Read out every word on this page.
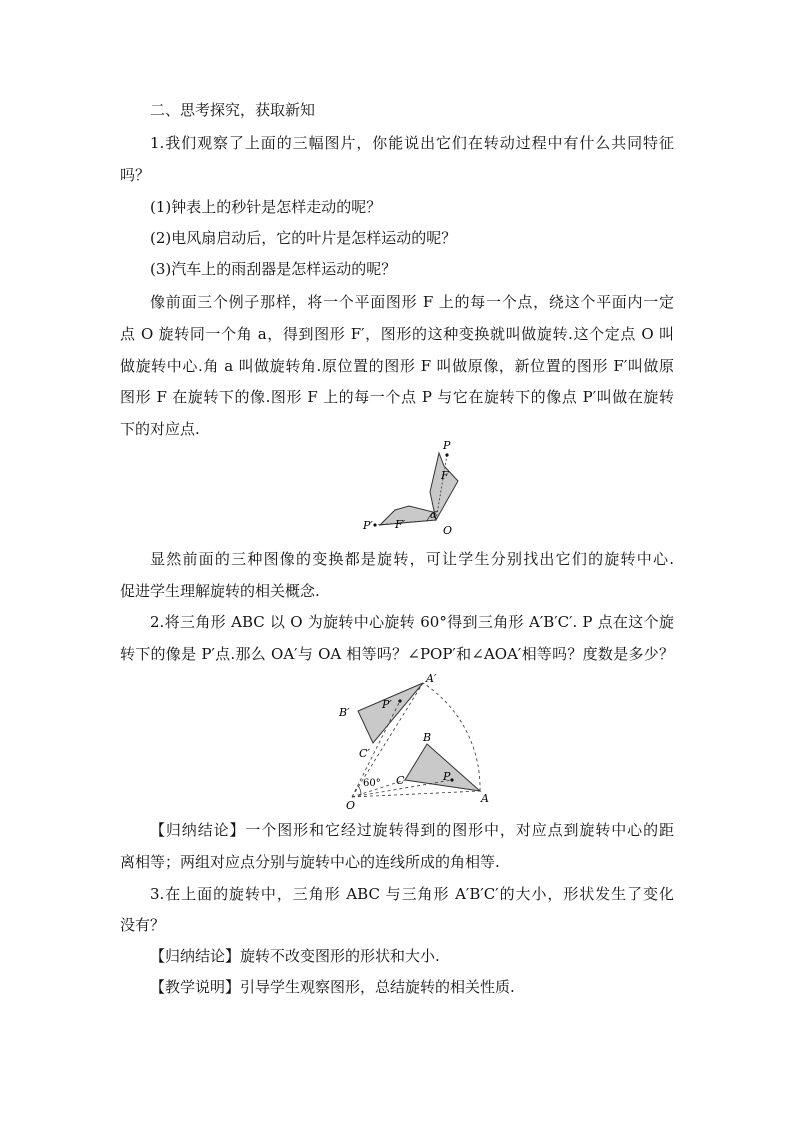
二、思考探究，获取新知
1.我们观察了上面的三幅图片，你能说出它们在转动过程中有什么共同特征
吗？
(1)钟表上的秒针是怎样走动的呢？
(2)电风扇启动后，它的叶片是怎样运动的呢？
(3)汽车上的雨刮器是怎样运动的呢？
像前面三个例子那样，将一个平面图形 F 上的每一个点，绕这个平面内一定
点 O 旋转同一个角 a，得到图形 F′，图形的这种变换就叫做旋转.这个定点 O 叫
做旋转中心.角 a 叫做旋转角.原位置的图形 F 叫做原像，新位置的图形 F′叫做原
图形 F 在旋转下的像.图形 F 上的每一个点 P 与它在旋转下的像点 P′叫做在旋转
下的对应点.
P
F
P′ F′
α
O
显然前面的三种图像的变换都是旋转，可让学生分别找出它们的旋转中心.
促进学生理解旋转的相关概念.
2.将三角形 ABC 以 O 为旋转中心旋转 60°得到三角形 A′B′C′. P 点在这个旋
转下的像是 P′点.那么 OA′与 OA 相等吗？∠POP′和∠AOA′相等吗？度数是多少？
A′
B′
P′
C′
B
C	P
A
O
60°
【归纳结论】一个图形和它经过旋转得到的图形中，对应点到旋转中心的距
离相等；两组对应点分别与旋转中心的连线所成的角相等.
3.在上面的旋转中，三角形 ABC 与三角形 A′B′C′的大小，形状发生了变化
没有？
【归纳结论】旋转不改变图形的形状和大小.
【教学说明】引导学生观察图形，总结旋转的相关性质.
